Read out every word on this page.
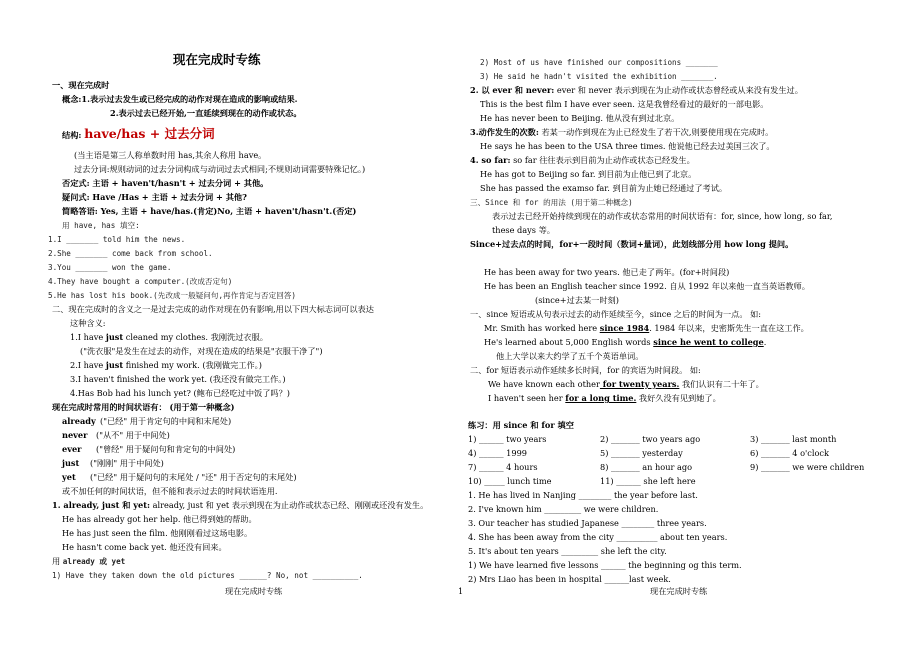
现在完成时专练
一、现在完成时
概念:1.表示过去发生或已经完成的动作对现在造成的影响或结果.
2.表示过去已经开始,一直延续到现在的动作或状态。
(当主语是第三人称单数时用 has,其余人称用 have。
过去分词:规则动词的过去分词构成与动词过去式相同;不规则动词需要特殊记忆。)
否定式: 主语 + haven't/hasn't + 过去分词 + 其他。
疑问式: Have /Has + 主语 + 过去分词 + 其他?
简略答语: Yes, 主语 + have/has.(肯定)No, 主语 + haven't/hasn't.(否定)
用 have, has 填空:
1.I _______ told him the news.
2.She _______ come back from school.
3.You _______ won the game.
4.They have bought a computer.(改成否定句)
5.He has lost his book.(先改成一般疑问句,再作肯定与否定回答)
二、现在完成时的含义之一是过去完成的动作对现在仍有影响,用以下四大标志词可以表达
这种含义:
("洗衣服"是发生在过去的动作，对现在造成的结果是"衣服干净了")
3.I haven't finished the work yet. (我还没有做完工作。)
4.Has Bob had his lunch yet? (鲍布已经吃过中饭了吗？)
现在完成时常用的时间状语有： (用于第一种概念)
("已经" 用于肯定句的中间和末尾处)
("从不" 用于中间处)
("曾经" 用于疑问句和肯定句的中间处)
("刚刚" 用于中间处)
("已经" 用于疑问句的末尾处 / "还" 用于否定句的末尾处)
或不加任何的时间状语，但不能和表示过去的时间状语连用.
He has already got her help. 他已得到她的帮助。
He has just seen the film. 他刚刚看过这场电影。
He hasn't come back yet. 他还没有回来。
1) Have they taken down the old pictures ______? No, not __________.
结构: have/has + 过去分词
1.I have just cleaned my clothes. 我刚洗过衣服。
2.I have just finished my work. (我刚做完工作。)
already
never
ever
just
yet
1. already, just 和 yet: already, just 和 yet 表示到现在为止动作或状态已经、刚刚或还没有发生。
用 already 或 yet
现在完成时专练
2) Most of us have finished our compositions _______
3) He said he hadn't visited the exhibition _______.
This is the best film I have ever seen. 这是我曾经看过的最好的一部电影。
He has never been to Beijing. 他从没有到过北京。
He says he has been to the USA three times. 他说他已经去过美国三次了。
He has got to Beijing so far. 到目前为止他已到了北京。
She has passed the examso far. 到目前为止她已经通过了考试。
三、Since 和 for 的用法 (用于第二种概念)
表示过去已经开始持续到现在的动作或状态常用的时间状语有：for, since, how long, so far,
these days 等。
He has been away for two years. 他已走了两年。(for+时间段)
He has been an English teacher since 1992. 自从 1992 年以来他一直当英语教师。
(since+过去某一时刻)
一、since 短语或从句表示过去的动作延续至今，since 之后的时间为一点。 如:
他上大学以来大约学了五千个英语单词。
二、for 短语表示动作延续多长时间，for 的宾语为时间段。 如:
练习：用 since 和 for 填空
1) ______ two years	2) _______ two years ago	3) _______ last month
4) ______ 1999	5) _______ yesterday	6) _______ 4 o'clock
7) ______ 4 hours	8) _______ an hour ago	9) _______ we were children
10) _____ lunch time	11) ______ she left here
1. He has lived in Nanjing ________ the year before last.
2. I've known him _________ we were children.
3. Our teacher has studied Japanese ________ three years.
4. She has been away from the city __________ about ten years.
5. It's about ten years _________ she left the city.
1) We have learned five lessons ______ the beginning og this term.
2) Mrs Liao has been in hospital ______last week.
2. 以 ever 和 never: ever 和 never 表示到现在为止动作或状态曾经或从来没有发生过。
3.动作发生的次数: 若某一动作到现在为止已经发生了若干次,则要使用现在完成时。
4. so far: so far 往往表示到目前为止动作或状态已经发生。
Since+过去点的时间，for+一段时间（数词+量词），此划线部分用 how long 提问。
Mr. Smith has worked here since 1984. 1984 年以来，史密斯先生一直在这工作。
He's learned about 5,000 English words since he went to college.
We have known each other for twenty years. 我们认识有二十年了。
I haven't seen her for a long time. 我好久没有见到她了。
1	现在完成时专练
